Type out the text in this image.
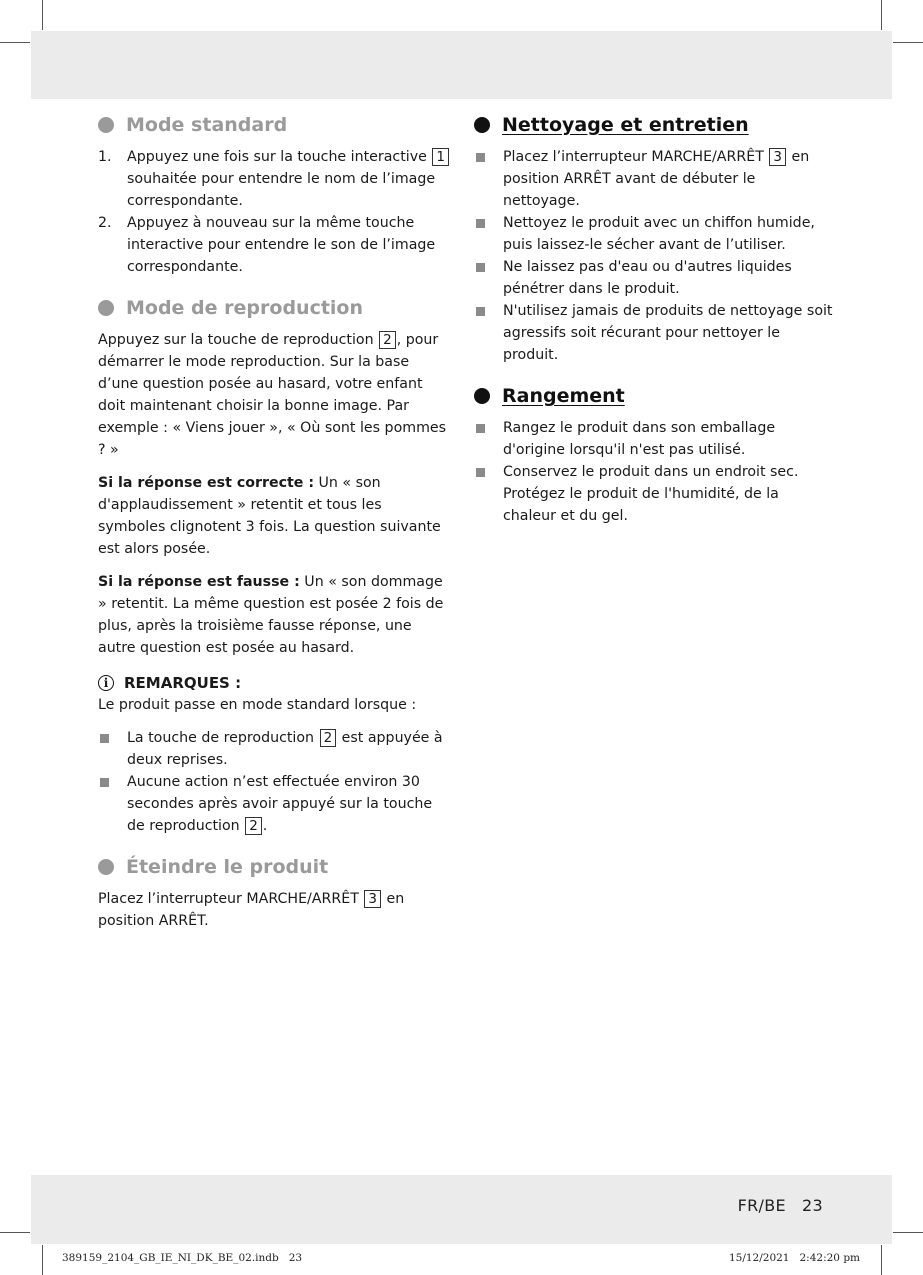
FR/BE   23
389159_2104_GB_IE_NI_DK_BE_02.indb   23	15/12/2021   2:42:20 pm
Mode standard
1.	Appuyez une fois sur la touche interactive 1 souhaitée pour entendre le nom de l’image correspondante.
2.	Appuyez à nouveau sur la même touche interactive pour entendre le son de l’image correspondante.
Mode de reproduction

Appuyez sur la touche de reproduction 2 , pour démarrer le mode reproduction. Sur la base d’une question posée au hasard, votre enfant doit maintenant choisir la bonne image. Par exemple : « Viens jouer », « Où sont les pommes ? »

Si la réponse est correcte : Un « son d'applaudissement » retentit et tous les symboles clignotent 3 fois. La question suivante est alors posée.

Si la réponse est fausse : Un « son dommage » retentit. La même question est posée 2 fois de plus, après la troisième fausse réponse, une autre question est posée au hasard.

i	REMARQUES :

Le produit passe en mode standard lorsque :

La touche de reproduction 2 est appuyée à deux reprises.
Aucune action n’est effectuée environ 30 secondes après avoir appuyé sur la touche de reproduction 2 .
Éteindre le produit

Placez l’interrupteur MARCHE/ARRÊT 3 en position ARRÊT.

Nettoyage et entretien
Placez l’interrupteur MARCHE/ARRÊT 3 en position ARRÊT avant de débuter le nettoyage.
Nettoyez le produit avec un chiffon humide, puis laissez-le sécher avant de l’utiliser.
Ne laissez pas d'eau ou d'autres liquides pénétrer dans le produit.
N'utilisez jamais de produits de nettoyage soit agressifs soit récurant pour nettoyer le produit.
Rangement
Rangez le produit dans son emballage d'origine lorsqu'il n'est pas utilisé.
Conservez le produit dans un endroit sec. Protégez le produit de l'humidité, de la chaleur et du gel.
